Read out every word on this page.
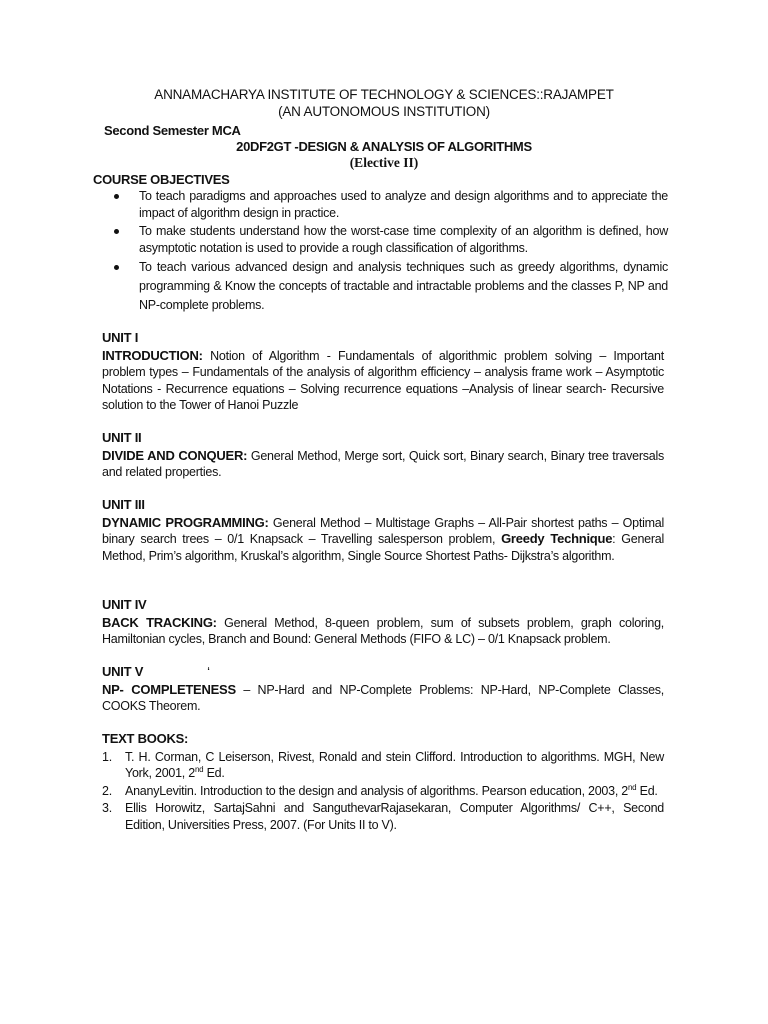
ANNAMACHARYA INSTITUTE OF TECHNOLOGY & SCIENCES::RAJAMPET
(AN AUTONOMOUS INSTITUTION)
Second Semester MCA
20DF2GT -DESIGN & ANALYSIS OF ALGORITHMS
(Elective II)
COURSE OBJECTIVES
To teach paradigms and approaches used to analyze and design algorithms and to appreciate the impact of algorithm design in practice.
To make students understand how the worst-case time complexity of an algorithm is defined, how asymptotic notation is used to provide a rough classification of algorithms.
To teach various advanced design and analysis techniques such as greedy algorithms, dynamic programming & Know the concepts of tractable and intractable problems and the classes P, NP and NP-complete problems.
UNIT I
INTRODUCTION: Notion of Algorithm - Fundamentals of algorithmic problem solving – Important problem types – Fundamentals of the analysis of algorithm efficiency – analysis frame work – Asymptotic Notations - Recurrence equations – Solving recurrence equations –Analysis of linear search- Recursive solution to the Tower of Hanoi Puzzle
UNIT II
DIVIDE AND CONQUER: General Method, Merge sort, Quick sort, Binary search, Binary tree traversals and related properties.
UNIT III
DYNAMIC PROGRAMMING: General Method – Multistage Graphs – All-Pair shortest paths – Optimal binary search trees – 0/1 Knapsack – Travelling salesperson problem, Greedy Technique: General Method, Prim’s algorithm, Kruskal’s algorithm, Single Source Shortest Paths- Dijkstra’s algorithm.
UNIT IV
BACK TRACKING: General Method, 8-queen problem, sum of subsets problem, graph coloring, Hamiltonian cycles, Branch and Bound: General Methods (FIFO & LC) – 0/1 Knapsack problem.
UNIT V	‘
NP- COMPLETENESS – NP-Hard and NP-Complete Problems: NP-Hard, NP-Complete Classes, COOKS Theorem.
TEXT BOOKS:
1. T. H. Corman, C Leiserson, Rivest, Ronald and stein Clifford. Introduction to algorithms. MGH, New York, 2001, 2nd Ed.
2. AnanyLevitin. Introduction to the design and analysis of algorithms. Pearson education, 2003, 2nd Ed.
3. Ellis Horowitz, SartajSahni and SanguthevarRajasekaran, Computer Algorithms/ C++, Second Edition, Universities Press, 2007. (For Units II to V).
